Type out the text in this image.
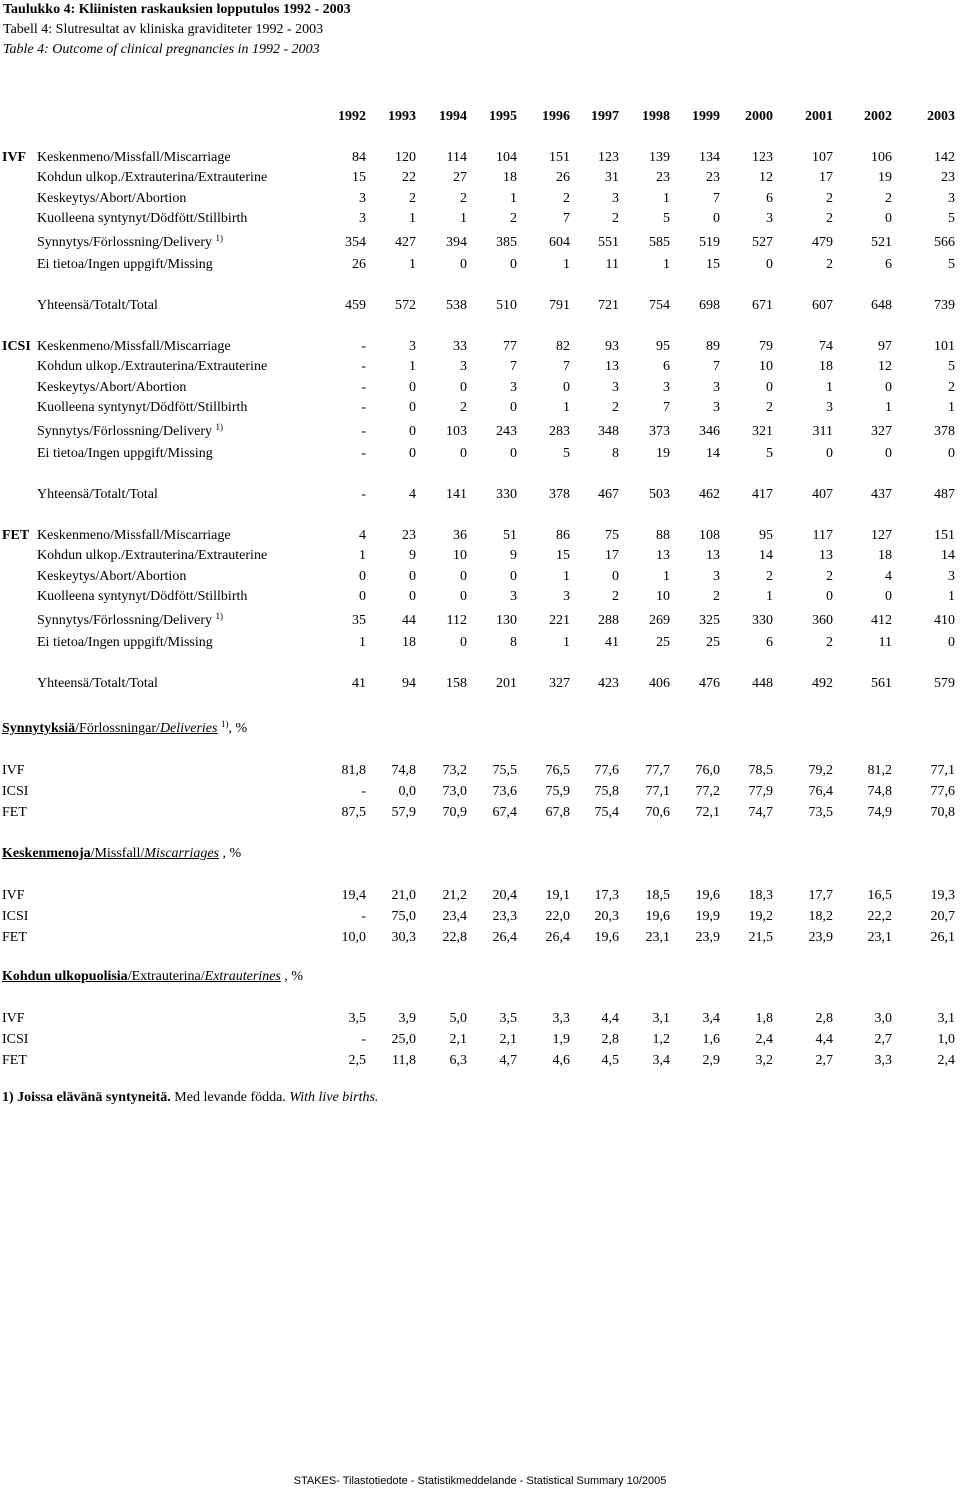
Taulukko 4: Kliinisten raskauksien lopputulos 1992 - 2003
Tabell 4: Slutresultat av kliniska graviditeter 1992 - 2003
Table 4: Outcome of clinical pregnancies in 1992 - 2003
1992	1993	1994	1995	1996	1997	1998	1999	2000	2001	2002	2003
IVF Keskenmeno/Missfall/Miscarriage	84	120	114	104	151	123	139	134	123	107	106	142
Kohdun ulkop./Extrauterina/Extrauterine	15	22	27	18	26	31	23	23	12	17	19	23
Keskeytys/Abort/Abortion	3	2	2	1	2	3	1	7	6	2	2	3
Kuolleena syntynyt/Dödfött/Stillbirth	3	1	1	2	7	2	5	0	3	2	0	5
Synnytys/Förlossning/Delivery $^{1)}$	354	427	394	385	604	551	585	519	527	479	521	566
Ei tietoa/Ingen uppgift/Missing	26	1	0	0	1	11	1	15	0	2	6	5
Yhteensä/Totalt/Total	459	572	538	510	791	721	754	698	671	607	648	739
ICSI Keskenmeno/Missfall/Miscarriage	-	3	33	77	82	93	95	89	79	74	97	101
Kohdun ulkop./Extrauterina/Extrauterine	-	1	3	7	7	13	6	7	10	18	12	5
Keskeytys/Abort/Abortion	-	0	0	3	0	3	3	3	0	1	0	2
Kuolleena syntynyt/Dödfött/Stillbirth	-	0	2	0	1	2	7	3	2	3	1	1
Synnytys/Förlossning/Delivery $^{1)}$	-	0	103	243	283	348	373	346	321	311	327	378
Ei tietoa/Ingen uppgift/Missing	-	0	0	0	5	8	19	14	5	0	0	0
Yhteensä/Totalt/Total	-	4	141	330	378	467	503	462	417	407	437	487
FET Keskenmeno/Missfall/Miscarriage	4	23	36	51	86	75	88	108	95	117	127	151
Kohdun ulkop./Extrauterina/Extrauterine	1	9	10	9	15	17	13	13	14	13	18	14
Keskeytys/Abort/Abortion	0	0	0	0	1	0	1	3	2	2	4	3
Kuolleena syntynyt/Dödfött/Stillbirth	0	0	0	3	3	2	10	2	1	0	0	1
Synnytys/Förlossning/Delivery $^{1)}$	35	44	112	130	221	288	269	325	330	360	412	410
Ei tietoa/Ingen uppgift/Missing	1	18	0	8	1	41	25	25	6	2	11	0
Yhteensä/Totalt/Total	41	94	158	201	327	423	406	476	448	492	561	579
Synnytyksiä/Förlossningar/Deliveries $^{1)}$, %
IVF	81,8	74,8	73,2	75,5	76,5	77,6	77,7	76,0	78,5	79,2	81,2	77,1
ICSI	-	0,0	73,0	73,6	75,9	75,8	77,1	77,2	77,9	76,4	74,8	77,6
FET	87,5	57,9	70,9	67,4	67,8	75,4	70,6	72,1	74,7	73,5	74,9	70,8
Keskenmenoja/Missfall/Miscarriages , %
IVF	19,4	21,0	21,2	20,4	19,1	17,3	18,5	19,6	18,3	17,7	16,5	19,3
ICSI	-	75,0	23,4	23,3	22,0	20,3	19,6	19,9	19,2	18,2	22,2	20,7
FET	10,0	30,3	22,8	26,4	26,4	19,6	23,1	23,9	21,5	23,9	23,1	26,1
Kohdun ulkopuolisia/Extrauterina/Extrauterines , %
IVF	3,5	3,9	5,0	3,5	3,3	4,4	3,1	3,4	1,8	2,8	3,0	3,1
ICSI	-	25,0	2,1	2,1	1,9	2,8	1,2	1,6	2,4	4,4	2,7	1,0
FET	2,5	11,8	6,3	4,7	4,6	4,5	3,4	2,9	3,2	2,7	3,3	2,4
1) Joissa elävänä syntyneitä. Med levande födda. With live births.
STAKES- Tilastotiedote - Statistikmeddelande - Statistical Summary 10/2005
